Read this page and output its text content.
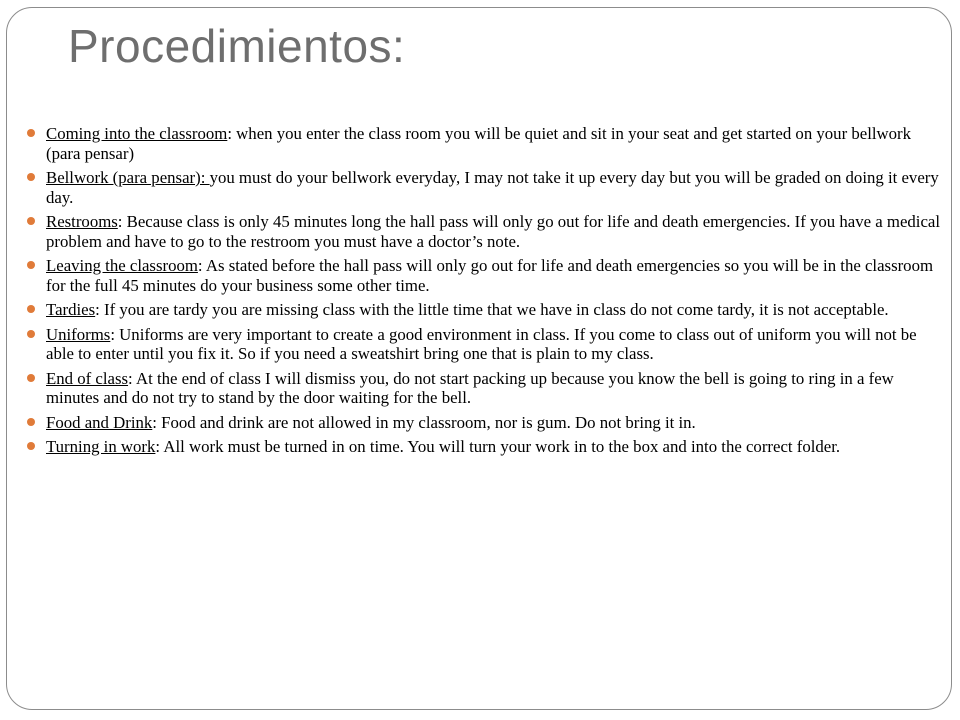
Procedimientos:
Coming into the classroom: when you enter the class room you will be quiet and sit in your seat and get started on your bellwork (para pensar)
Bellwork (para pensar): you must do your bellwork everyday, I may not take it up every day but you will be graded on doing it every day.
Restrooms: Because class is only 45 minutes long the hall pass will only go out for life and death emergencies. If you have a medical problem and have to go to the restroom you must have a doctor’s note.
Leaving the classroom: As stated before the hall pass will only go out for life and death emergencies so you will be in the classroom for the full 45 minutes do your business some other time.
Tardies: If you are tardy you are missing class with the little time that we have in class do not come tardy, it is not acceptable.
Uniforms: Uniforms are very important to create a good environment in class. If you come to class out of uniform you will not be able to enter until you fix it. So if you need a sweatshirt bring one that is plain to my class.
End of class: At the end of class I will dismiss you, do not start packing up because you know the bell is going to ring in a few minutes and do not try to stand by the door waiting for the bell.
Food and Drink: Food and drink are not allowed in my classroom, nor is gum. Do not bring it in.
Turning in work: All work must be turned in on time. You will turn your work in to the box and into the correct folder.
